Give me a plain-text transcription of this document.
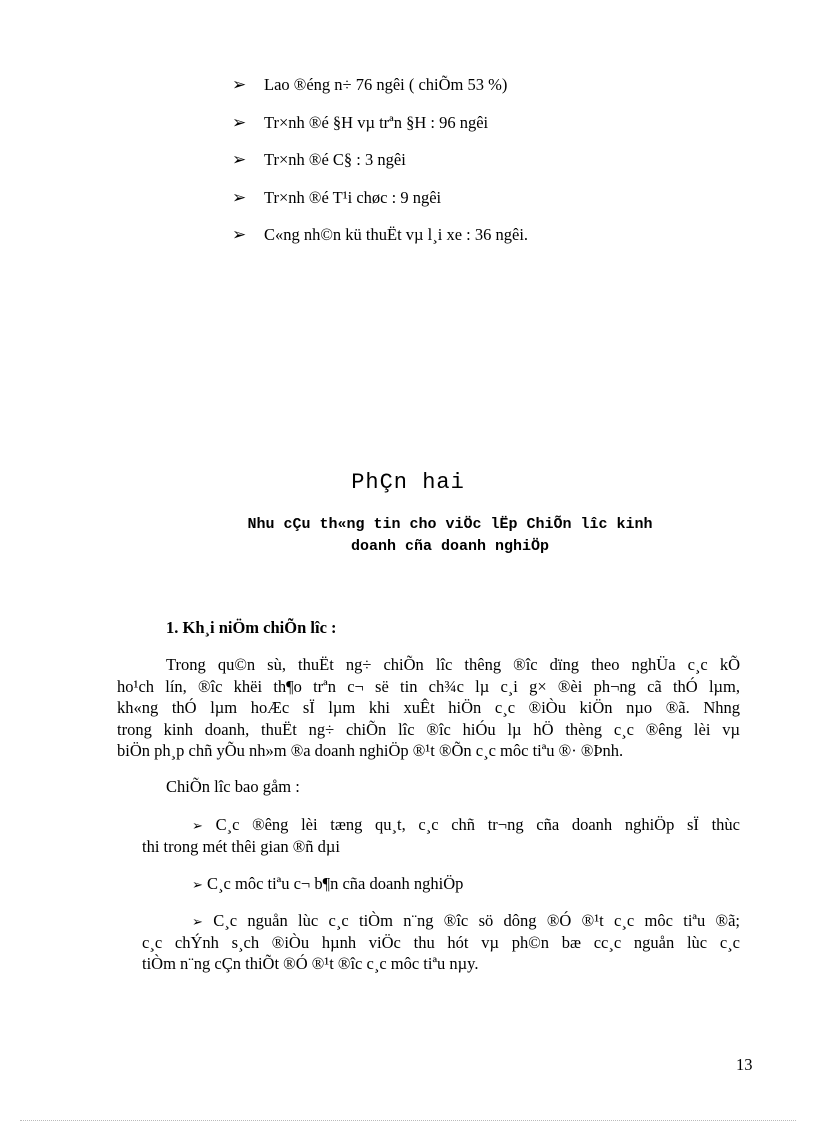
➢ Lao ®éng n÷ 76 ngêi ( chiÕm 53 %)
➢ Tr×nh ®é §H vµ trªn §H : 96 ngêi
➢ Tr×nh ®é C§ : 3 ngêi
➢ Tr×nh ®é T¹i chøc : 9 ngêi
➢ C«ng nh©n kü thuËt vµ l¸i xe : 36 ngêi.
PhÇn hai
Nhu cÇu th«ng tin cho viÖc lËp ChiÕn lîc kinh
doanh cña doanh nghiÖp
1. Kh¸i niÖm chiÕn lîc :
Trong qu©n sù, thuËt ng÷ chiÕn lîc thêng ®îc dïng theo nghÜa c¸c kÕ
ho¹ch lín, ®îc khëi th¶o trªn c¬ së tin ch¾c lµ c¸i g× ®èi ph¬ng cã thÓ lµm,
kh«ng thÓ lµm hoÆc sÏ lµm khi xuÊt hiÖn c¸c ®iÒu kiÖn nµo ®ã. Nhng
trong kinh doanh, thuËt ng÷ chiÕn lîc ®îc hiÓu lµ hÖ thèng c¸c ®êng lèi vµ
biÖn ph¸p chñ yÕu nh»m ®a doanh nghiÖp ®¹t ®Õn c¸c môc tiªu ®· ®Þnh.
ChiÕn lîc bao gåm :
➢ C¸c ®êng lèi tæng qu¸t, c¸c chñ tr¬ng cña doanh nghiÖp sÏ thùc
thi trong mét thêi gian ®ñ dµi
➢ C¸c môc tiªu c¬ b¶n cña doanh nghiÖp
➢ C¸c nguån lùc c¸c tiÒm n¨ng ®îc sö dông ®Ó ®¹t c¸c môc tiªu ®ã;
c¸c chÝnh s¸ch ®iÒu hµnh viÖc thu hót vµ ph©n bæ cc¸c nguån lùc c¸c
tiÒm n¨ng cÇn thiÕt ®Ó ®¹t ®îc c¸c môc tiªu nµy.
13
